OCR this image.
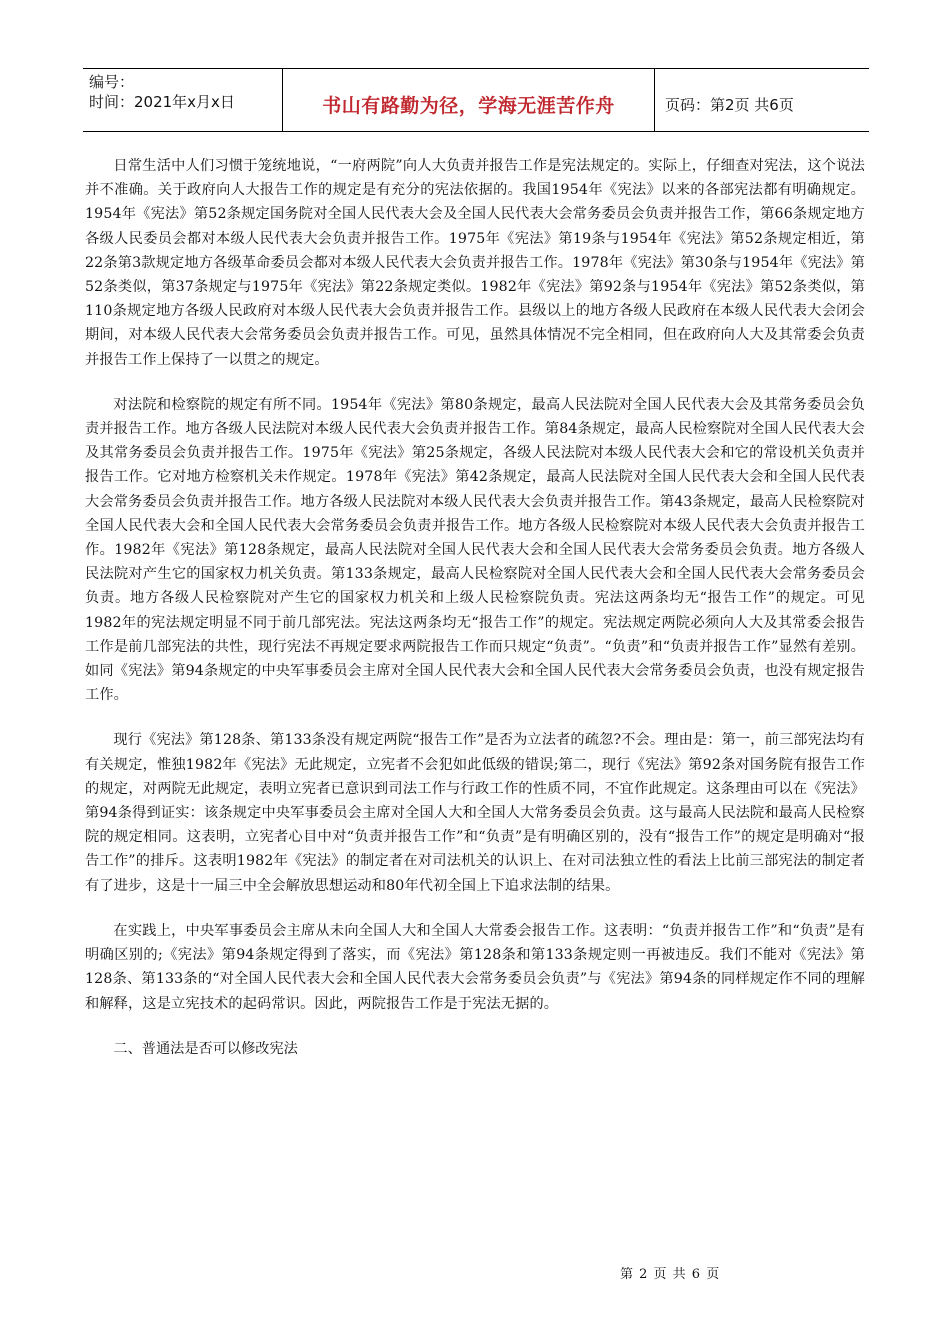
编号：
时间：2021年x月x日	书山有路勤为径，学海无涯苦作舟	页码：第2页 共6页

日常生活中人们习惯于笼统地说，“一府两院”向人大负责并报告工作是宪法规定的。实际上，仔细查对宪法，这个说法并不准确。关于政府向人大报告工作的规定是有充分的宪法依据的。我国1954年《宪法》以来的各部宪法都有明确规定。1954年《宪法》第52条规定国务院对全国人民代表大会及全国人民代表大会常务委员会负责并报告工作，第66条规定地方各级人民委员会都对本级人民代表大会负责并报告工作。1975年《宪法》第19条与1954年《宪法》第52条规定相近，第22条第3款规定地方各级革命委员会都对本级人民代表大会负责并报告工作。1978年《宪法》第30条与1954年《宪法》第52条类似，第37条规定与1975年《宪法》第22条规定类似。1982年《宪法》第92条与1954年《宪法》第52条类似，第110条规定地方各级人民政府对本级人民代表大会负责并报告工作。县级以上的地方各级人民政府在本级人民代表大会闭会期间，对本级人民代表大会常务委员会负责并报告工作。可见，虽然具体情况不完全相同，但在政府向人大及其常委会负责并报告工作上保持了一以贯之的规定。

对法院和检察院的规定有所不同。1954年《宪法》第80条规定，最高人民法院对全国人民代表大会及其常务委员会负责并报告工作。地方各级人民法院对本级人民代表大会负责并报告工作。第84条规定，最高人民检察院对全国人民代表大会及其常务委员会负责并报告工作。1975年《宪法》第25条规定，各级人民法院对本级人民代表大会和它的常设机关负责并报告工作。它对地方检察机关未作规定。1978年《宪法》第42条规定，最高人民法院对全国人民代表大会和全国人民代表大会常务委员会负责并报告工作。地方各级人民法院对本级人民代表大会负责并报告工作。第43条规定，最高人民检察院对全国人民代表大会和全国人民代表大会常务委员会负责并报告工作。地方各级人民检察院对本级人民代表大会负责并报告工作。1982年《宪法》第128条规定，最高人民法院对全国人民代表大会和全国人民代表大会常务委员会负责。地方各级人民法院对产生它的国家权力机关负责。第133条规定，最高人民检察院对全国人民代表大会和全国人民代表大会常务委员会负责。地方各级人民检察院对产生它的国家权力机关和上级人民检察院负责。宪法这两条均无“报告工作”的规定。可见1982年的宪法规定明显不同于前几部宪法。宪法这两条均无“报告工作”的规定。宪法规定两院必须向人大及其常委会报告工作是前几部宪法的共性，现行宪法不再规定要求两院报告工作而只规定“负责”。“负责”和“负责并报告工作”显然有差别。如同《宪法》第94条规定的中央军事委员会主席对全国人民代表大会和全国人民代表大会常务委员会负责，也没有规定报告工作。

现行《宪法》第128条、第133条没有规定两院“报告工作”是否为立法者的疏忽?不会。理由是：第一，前三部宪法均有有关规定，惟独1982年《宪法》无此规定，立宪者不会犯如此低级的错误;第二，现行《宪法》第92条对国务院有报告工作的规定，对两院无此规定，表明立宪者已意识到司法工作与行政工作的性质不同，不宜作此规定。这条理由可以在《宪法》第94条得到证实：该条规定中央军事委员会主席对全国人大和全国人大常务委员会负责。这与最高人民法院和最高人民检察院的规定相同。这表明，立宪者心目中对“负责并报告工作”和“负责”是有明确区别的，没有“报告工作”的规定是明确对“报告工作”的排斥。这表明1982年《宪法》的制定者在对司法机关的认识上、在对司法独立性的看法上比前三部宪法的制定者有了进步，这是十一届三中全会解放思想运动和80年代初全国上下追求法制的结果。

在实践上，中央军事委员会主席从未向全国人大和全国人大常委会报告工作。这表明：“负责并报告工作”和“负责”是有明确区别的;《宪法》第94条规定得到了落实，而《宪法》第128条和第133条规定则一再被违反。我们不能对《宪法》第128条、第133条的“对全国人民代表大会和全国人民代表大会常务委员会负责”与《宪法》第94条的同样规定作不同的理解和解释，这是立宪技术的起码常识。因此，两院报告工作是于宪法无据的。

二、普通法是否可以修改宪法

第 2 页 共 6 页
